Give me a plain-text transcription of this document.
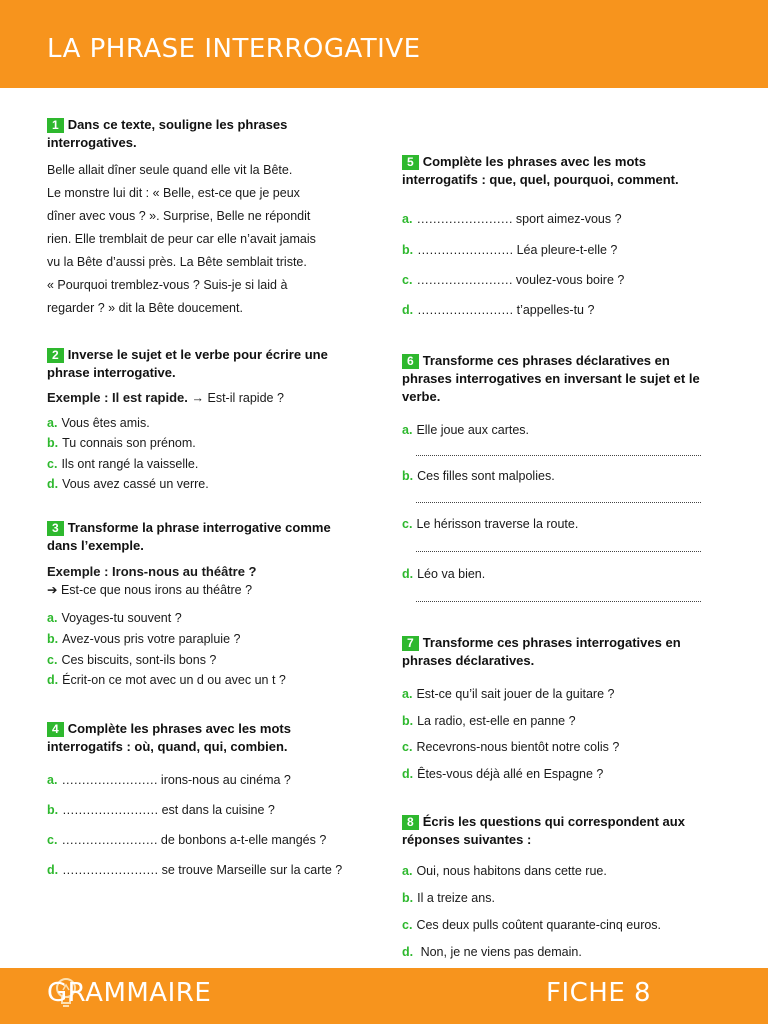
LA PHRASE INTERROGATIVE
1 Dans ce texte, souligne les phrases interrogatives.
Belle allait dîner seule quand elle vit la Bête.
Le monstre lui dit : « Belle, est-ce que je peux
dîner avec vous ? ». Surprise, Belle ne répondit
rien. Elle tremblait de peur car elle n’avait jamais
vu la Bête d’aussi près. La Bête semblait triste.
« Pourquoi tremblez-vous ? Suis-je si laid à
regarder ? » dit la Bête doucement.
2 Inverse le sujet et le verbe pour écrire une phrase interrogative.
Exemple : Il est rapide. → Est-il rapide ?
a. Vous êtes amis.
b. Tu connais son prénom.
c. Ils ont rangé la vaisselle.
d. Vous avez cassé un verre.
3 Transforme la phrase interrogative comme dans l’exemple.
Exemple : Irons-nous au théâtre ?
➔ Est-ce que nous irons au théâtre ?
a. Voyages-tu souvent ?
b. Avez-vous pris votre parapluie ?
c. Ces biscuits, sont-ils bons ?
d. Écrit-on ce mot avec un d ou avec un t ?
4 Complète les phrases avec les mots interrogatifs : où, quand, qui, combien.
a. …………………… irons-nous au cinéma ?
b. …………………… est dans la cuisine ?
c. …………………… de bonbons a-t-elle mangés ?
d. …………………… se trouve Marseille sur la carte ?
5 Complète les phrases avec les mots interrogatifs : que, quel, pourquoi, comment.
a. …………………… sport aimez-vous ?
b. …………………… Léa pleure-t-elle ?
c. …………………… voulez-vous boire ?
d. …………………… t’appelles-tu ?
6 Transforme ces phrases déclaratives en phrases interrogatives en inversant le sujet et le verbe.
a. Elle joue aux cartes.
b. Ces filles sont malpolies.
c. Le hérisson traverse la route.
d. Léo va bien.
7 Transforme ces phrases interrogatives en phrases déclaratives.
a. Est-ce qu’il sait jouer de la guitare ?
b. La radio, est-elle en panne ?
c. Recevrons-nous bientôt notre colis ?
d. Êtes-vous déjà allé en Espagne ?
8 Écris les questions qui correspondent aux réponses suivantes :
a. Oui, nous habitons dans cette rue.
b. Il a treize ans.
c. Ces deux pulls coûtent quarante-cinq euros.
d. Non, je ne viens pas demain.
GRAMMAIRE	FICHE 8
